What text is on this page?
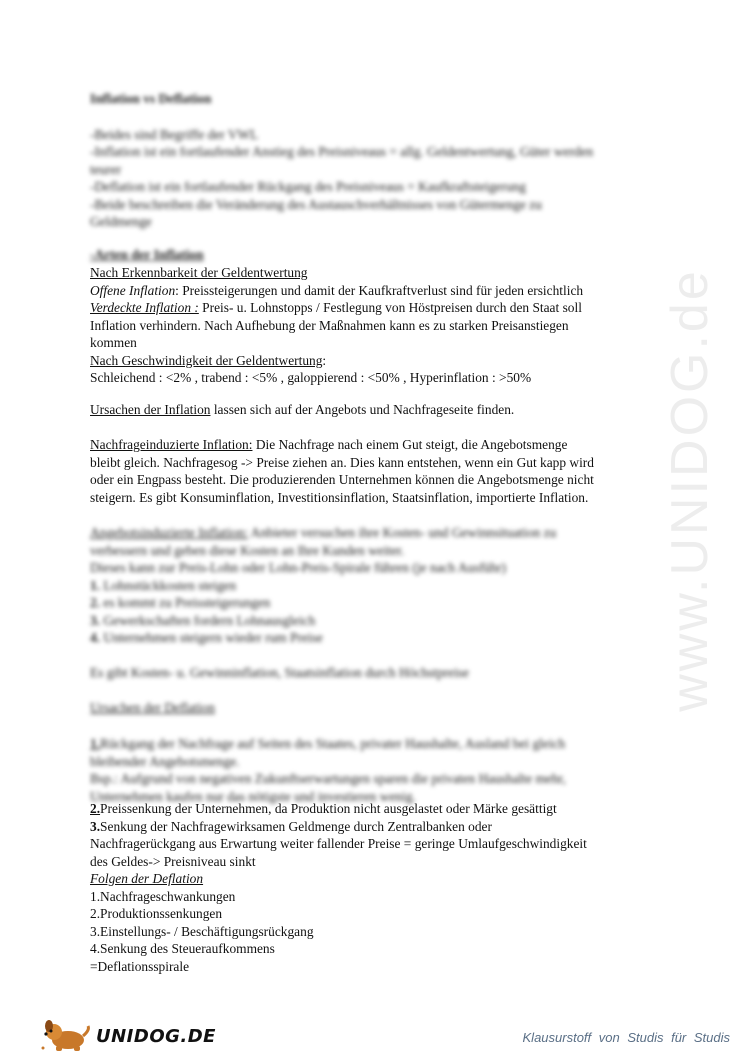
www.UNIDOG.de
Inflation vs Deflation
-Beides sind Begriffe der VWL
-Inflation ist ein fortlaufender Anstieg des Preisniveaus = allg. Geldentwertung, Güter werden
teurer
-Deflation ist ein fortlaufender Rückgang des Preisniveaus = Kaufkraftsteigerung
-Beide beschreiben die Veränderung des Austauschverhältnisses von Gütermenge zu
Geldmenge
-Arten der Inflation
Nach Erkennbarkeit der Geldentwertung
Offene Inflation: Preissteigerungen und damit der Kaufkraftverlust sind für jeden ersichtlich
Verdeckte Inflation : Preis- u. Lohnstopps / Festlegung von Höstpreisen durch den Staat soll
Inflation verhindern. Nach Aufhebung der Maßnahmen kann es zu starken Preisanstiegen
kommen
Nach Geschwindigkeit der Geldentwertung:
Schleichend : <2% , trabend : <5% , galoppierend : <50% , Hyperinflation : >50%
Ursachen der Inflation lassen sich auf der Angebots und Nachfrageseite finden.
Nachfrageinduzierte Inflation: Die Nachfrage nach einem Gut steigt, die Angebotsmenge
bleibt gleich. Nachfragesog -> Preise ziehen an. Dies kann entstehen, wenn ein Gut kapp wird
oder ein Engpass besteht. Die produzierenden Unternehmen können die Angebotsmenge nicht
steigern. Es gibt Konsuminflation, Investitionsinflation, Staatsinflation, importierte Inflation.
Angebotsinduzierte Inflation: Anbieter versuchen ihre Kosten- und Gewinnsituation zu
verbessern und geben diese Kosten an Ihre Kunden weiter.
Dieses kann zur Preis-Lohn oder Lohn-Preis-Spirale führen (je nach Ausführ)
1. Lohnstückkosten steigen
2. es kommt zu Preissteigerungen
3. Gewerkschaften fordern Lohnausgleich
4. Unternehmen steigern wieder rum Preise
Es gibt Kosten- u. Gewinninflation, Staatsinflation durch Höchstpreise
Ursachen der Deflation
1.Rückgang der Nachfrage auf Seiten des Staates, privater Haushalte, Ausland bei gleich
bleibender Angebotsmenge.
Bsp.: Aufgrund von negativen Zukunftserwartungen sparen die privaten Haushalte mehr,
Unternehmen kaufen nur das nötigste und investieren wenig.
2.Preissenkung der Unternehmen, da Produktion nicht ausgelastet oder Märke gesättigt
3.Senkung der Nachfragewirksamen Geldmenge durch Zentralbanken oder
Nachfragerückgang aus Erwartung weiter fallender Preise = geringe Umlaufgeschwindigkeit
des Geldes-> Preisniveau sinkt
Folgen der Deflation
1.Nachfrageschwankungen
2.Produktionssenkungen
3.Einstellungs- / Beschäftigungsrückgang
4.Senkung des Steueraufkommens
=Deflationsspirale
UNIDOG.DE	Klausurstoff von Studis für Studis
